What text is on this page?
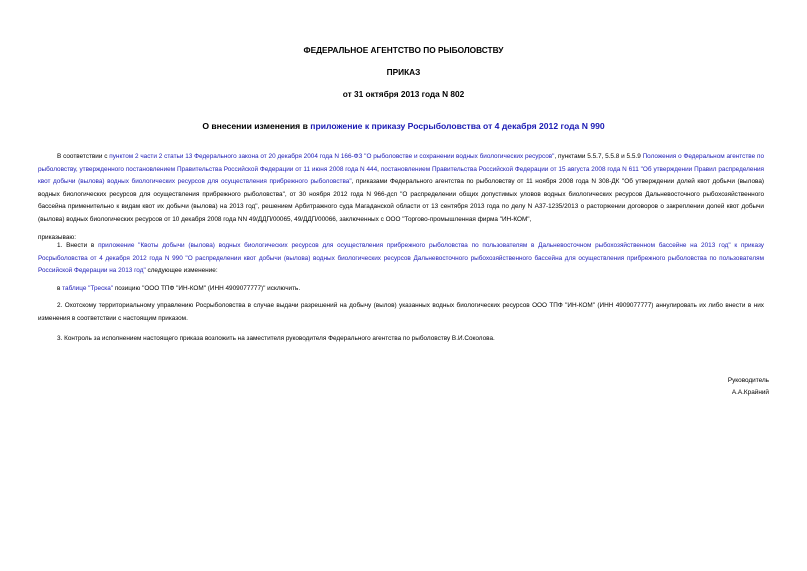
ФЕДЕРАЛЬНОЕ АГЕНТСТВО ПО РЫБОЛОВСТВУ
ПРИКАЗ
от 31 октября 2013 года N 802
О внесении изменения в приложение к приказу Росрыболовства от 4 декабря 2012 года N 990
В соответствии с пунктом 2 части 2 статьи 13 Федерального закона от 20 декабря 2004 года N 166-ФЗ "О рыболовстве и сохранении водных биологических ресурсов", пунктами 5.5.7, 5.5.8 и 5.5.9 Положения о Федеральном агентстве по рыболовству, утвержденного постановлением Правительства Российской Федерации от 11 июня 2008 года N 444, постановлением Правительства Российской Федерации от 15 августа 2008 года N 611 "Об утверждении Правил распределения квот добычи (вылова) водных биологических ресурсов для осуществления прибрежного рыболовства", приказами Федерального агентства по рыболовству от 11 ноября 2008 года N 308-ДК "Об утверждении долей квот добычи (вылова) водных биологических ресурсов для осуществления прибрежного рыболовства", от 30 ноября 2012 года N 966-дсп "О распределении общих допустимых уловов водных биологических ресурсов Дальневосточного рыбохозяйственного бассейна применительно к видам квот их добычи (вылова) на 2013 год", решением Арбитражного суда Магаданской области от 13 сентября 2013 года по делу N А37-1235/2013 о расторжении договоров о закреплении долей квот добычи (вылова) водных биологических ресурсов от 10 декабря 2008 года NN 49/ДДП/00065, 49/ДДП/00066, заключенных с ООО "Торгово-промышленная фирма "ИН-КОМ",
приказываю:
1. Внести в приложение "Квоты добычи (вылова) водных биологических ресурсов для осуществления прибрежного рыболовства по пользователям в Дальневосточном рыбохозяйственном бассейне на 2013 год" к приказу Росрыболовства от 4 декабря 2012 года N 990 "О распределении квот добычи (вылова) водных биологических ресурсов Дальневосточного рыбохозяйственного бассейна для осуществления прибрежного рыболовства по пользователям Российской Федерации на 2013 год" следующее изменение:
в таблице "Треска" позицию "ООО ТПФ "ИН-КОМ" (ИНН 4909077777)" исключить.
2. Охотскому территориальному управлению Росрыболовства в случае выдачи разрешений на добычу (вылов) указанных водных биологических ресурсов ООО ТПФ "ИН-КОМ" (ИНН 4909077777) аннулировать их либо внести в них изменения в соответствии с настоящим приказом.
3. Контроль за исполнением настоящего приказа возложить на заместителя руководителя Федерального агентства по рыболовству В.И.Соколова.
Руководитель
А.А.Крайний
